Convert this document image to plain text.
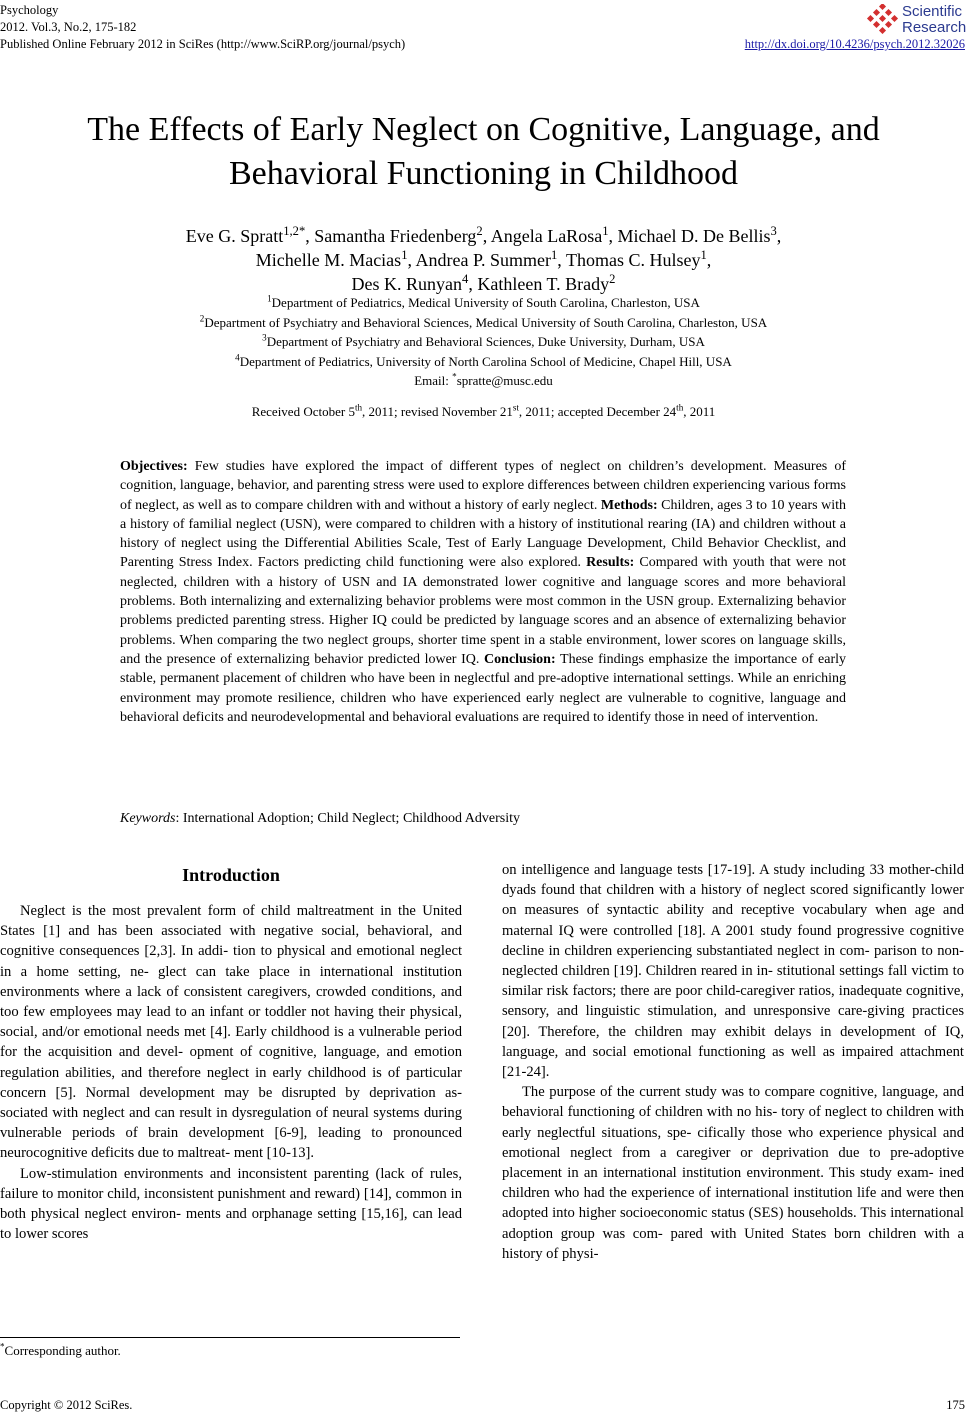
Psychology
2012. Vol.3, No.2, 175-182
Published Online February 2012 in SciRes (http://www.SciRP.org/journal/psych)	http://dx.doi.org/10.4236/psych.2012.32026
Scientific
Research
The Effects of Early Neglect on Cognitive, Language, and
Behavioral Functioning in Childhood
Eve G. Spratt$^{1,2*}$, Samantha Friedenberg$^2$, Angela LaRosa$^1$, Michael D. De Bellis$^3$,
Michelle M. Macias$^1$, Andrea P. Summer$^1$, Thomas C. Hulsey$^1$,
Des K. Runyan$^4$, Kathleen T. Brady$^2$
$^1$Department of Pediatrics, Medical University of South Carolina, Charleston, USA
$^2$Department of Psychiatry and Behavioral Sciences, Medical University of South Carolina, Charleston, USA
$^3$Department of Psychiatry and Behavioral Sciences, Duke University, Durham, USA
$^4$Department of Pediatrics, University of North Carolina School of Medicine, Chapel Hill, USA
Email: *spratte@musc.edu
Received October 5th, 2011; revised November 21st, 2011; accepted December 24th, 2011

Objectives: Few studies have explored the impact of different types of neglect on children’s development. Measures of cognition, language, behavior, and parenting stress were used to explore differences between children experiencing various forms of neglect, as well as to compare children with and without a history of early neglect. Methods: Children, ages 3 to 10 years with a history of familial neglect (USN), were compared to children with a history of institutional rearing (IA) and children without a history of neglect using the Differential Abilities Scale, Test of Early Language Development, Child Behavior Checklist, and Parenting Stress Index. Factors predicting child functioning were also explored. Results: Compared with youth that were not neglected, children with a history of USN and IA demonstrated lower cognitive and language scores and more behavioral problems. Both internalizing and externalizing behavior problems were most common in the USN group. Externalizing behavior problems predicted parenting stress. Higher IQ could be predicted by language scores and an absence of externalizing behavior problems. When comparing the two neglect groups, shorter time spent in a stable environment, lower scores on language skills, and the presence of externalizing behavior predicted lower IQ. Conclusion: These findings emphasize the importance of early stable, permanent placement of children who have been in neglectful and pre-adoptive international settings. While an enriching environment may promote resilience, children who have experienced early neglect are vulnerable to cognitive, language and behavioral deficits and neurodevelopmental and behavioral evaluations are required to identify those in need of intervention.

Keywords: International Adoption; Child Neglect; Childhood Adversity
Introduction

Neglect is the most prevalent form of child maltreatment in the United States [1] and has been associated with negative social, behavioral, and cognitive consequences [2,3]. In addi- tion to physical and emotional neglect in a home setting, ne- glect can take place in international institution environments where a lack of consistent caregivers, crowded conditions, and too few employees may lead to an infant or toddler not having their physical, social, and/or emotional needs met [4]. Early childhood is a vulnerable period for the acquisition and devel- opment of cognitive, language, and emotion regulation abilities, and therefore neglect in early childhood is of particular concern [5]. Normal development may be disrupted by deprivation as- sociated with neglect and can result in dysregulation of neural systems during vulnerable periods of brain development [6-9], leading to pronounced neurocognitive deficits due to maltreat- ment [10-13].

Low-stimulation environments and inconsistent parenting (lack of rules, failure to monitor child, inconsistent punishment and reward) [14], common in both physical neglect environ- ments and orphanage setting [15,16], can lead to lower scores

on intelligence and language tests [17-19]. A study including 33 mother-child dyads found that children with a history of neglect scored significantly lower on measures of syntactic ability and receptive vocabulary when age and maternal IQ were controlled [18]. A 2001 study found progressive cognitive decline in children experiencing substantiated neglect in com- parison to non-neglected children [19]. Children reared in in- stitutional settings fall victim to similar risk factors; there are poor child-caregiver ratios, inadequate cognitive, sensory, and linguistic stimulation, and unresponsive care-giving practices [20]. Therefore, the children may exhibit delays in development of IQ, language, and social emotional functioning as well as impaired attachment [21-24].

The purpose of the current study was to compare cognitive, language, and behavioral functioning of children with no his- tory of neglect to children with early neglectful situations, spe- cifically those who experience physical and emotional neglect from a caregiver or deprivation due to pre-adoptive placement in an international institution environment. This study exam- ined children who had the experience of international institution life and were then adopted into higher socioeconomic status (SES) households. This international adoption group was com- pared with United States born children with a history of physi-

*Corresponding author.
Copyright © 2012 SciRes.	175
